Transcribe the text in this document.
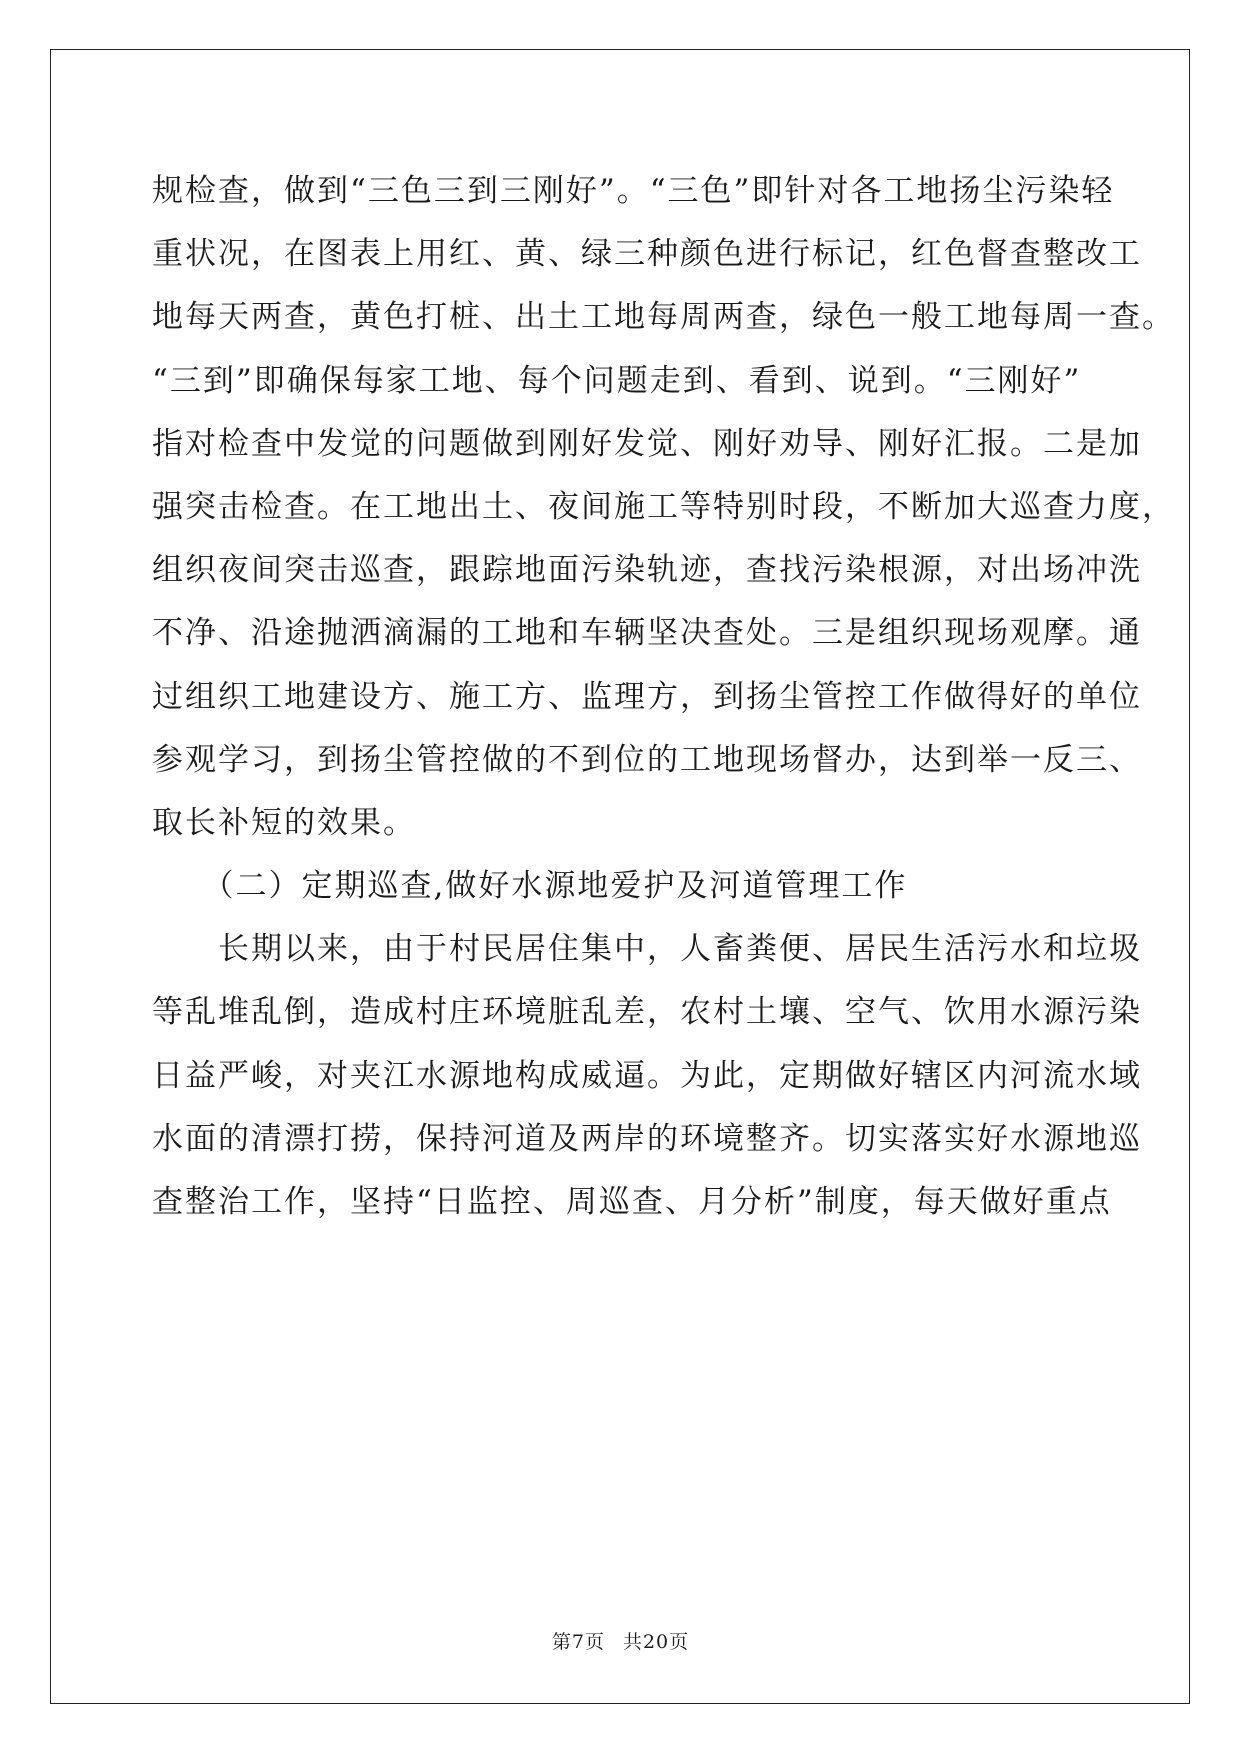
规检查，做到“三色三到三刚好”。“三色”即针对各工地扬尘污染轻
重状况，在图表上用红、黄、绿三种颜色进行标记，红色督查整改工
地每天两查，黄色打桩、出土工地每周两查，绿色一般工地每周一查。
“三到”即确保每家工地、每个问题走到、看到、说到。“三刚好”
指对检查中发觉的问题做到刚好发觉、刚好劝导、刚好汇报。二是加
强突击检查。在工地出土、夜间施工等特别时段，不断加大巡查力度，
组织夜间突击巡查，跟踪地面污染轨迹，查找污染根源，对出场冲洗
不净、沿途抛洒滴漏的工地和车辆坚决查处。三是组织现场观摩。通
过组织工地建设方、施工方、监理方，到扬尘管控工作做得好的单位
参观学习，到扬尘管控做的不到位的工地现场督办，达到举一反三、
取长补短的效果。
　　（二）定期巡查,做好水源地爱护及河道管理工作
　　长期以来，由于村民居住集中，人畜粪便、居民生活污水和垃圾
等乱堆乱倒，造成村庄环境脏乱差，农村土壤、空气、饮用水源污染
日益严峻，对夹江水源地构成威逼。为此，定期做好辖区内河流水域
水面的清漂打捞，保持河道及两岸的环境整齐。切实落实好水源地巡
查整治工作，坚持“日监控、周巡查、月分析”制度，每天做好重点
第7页 共20页
